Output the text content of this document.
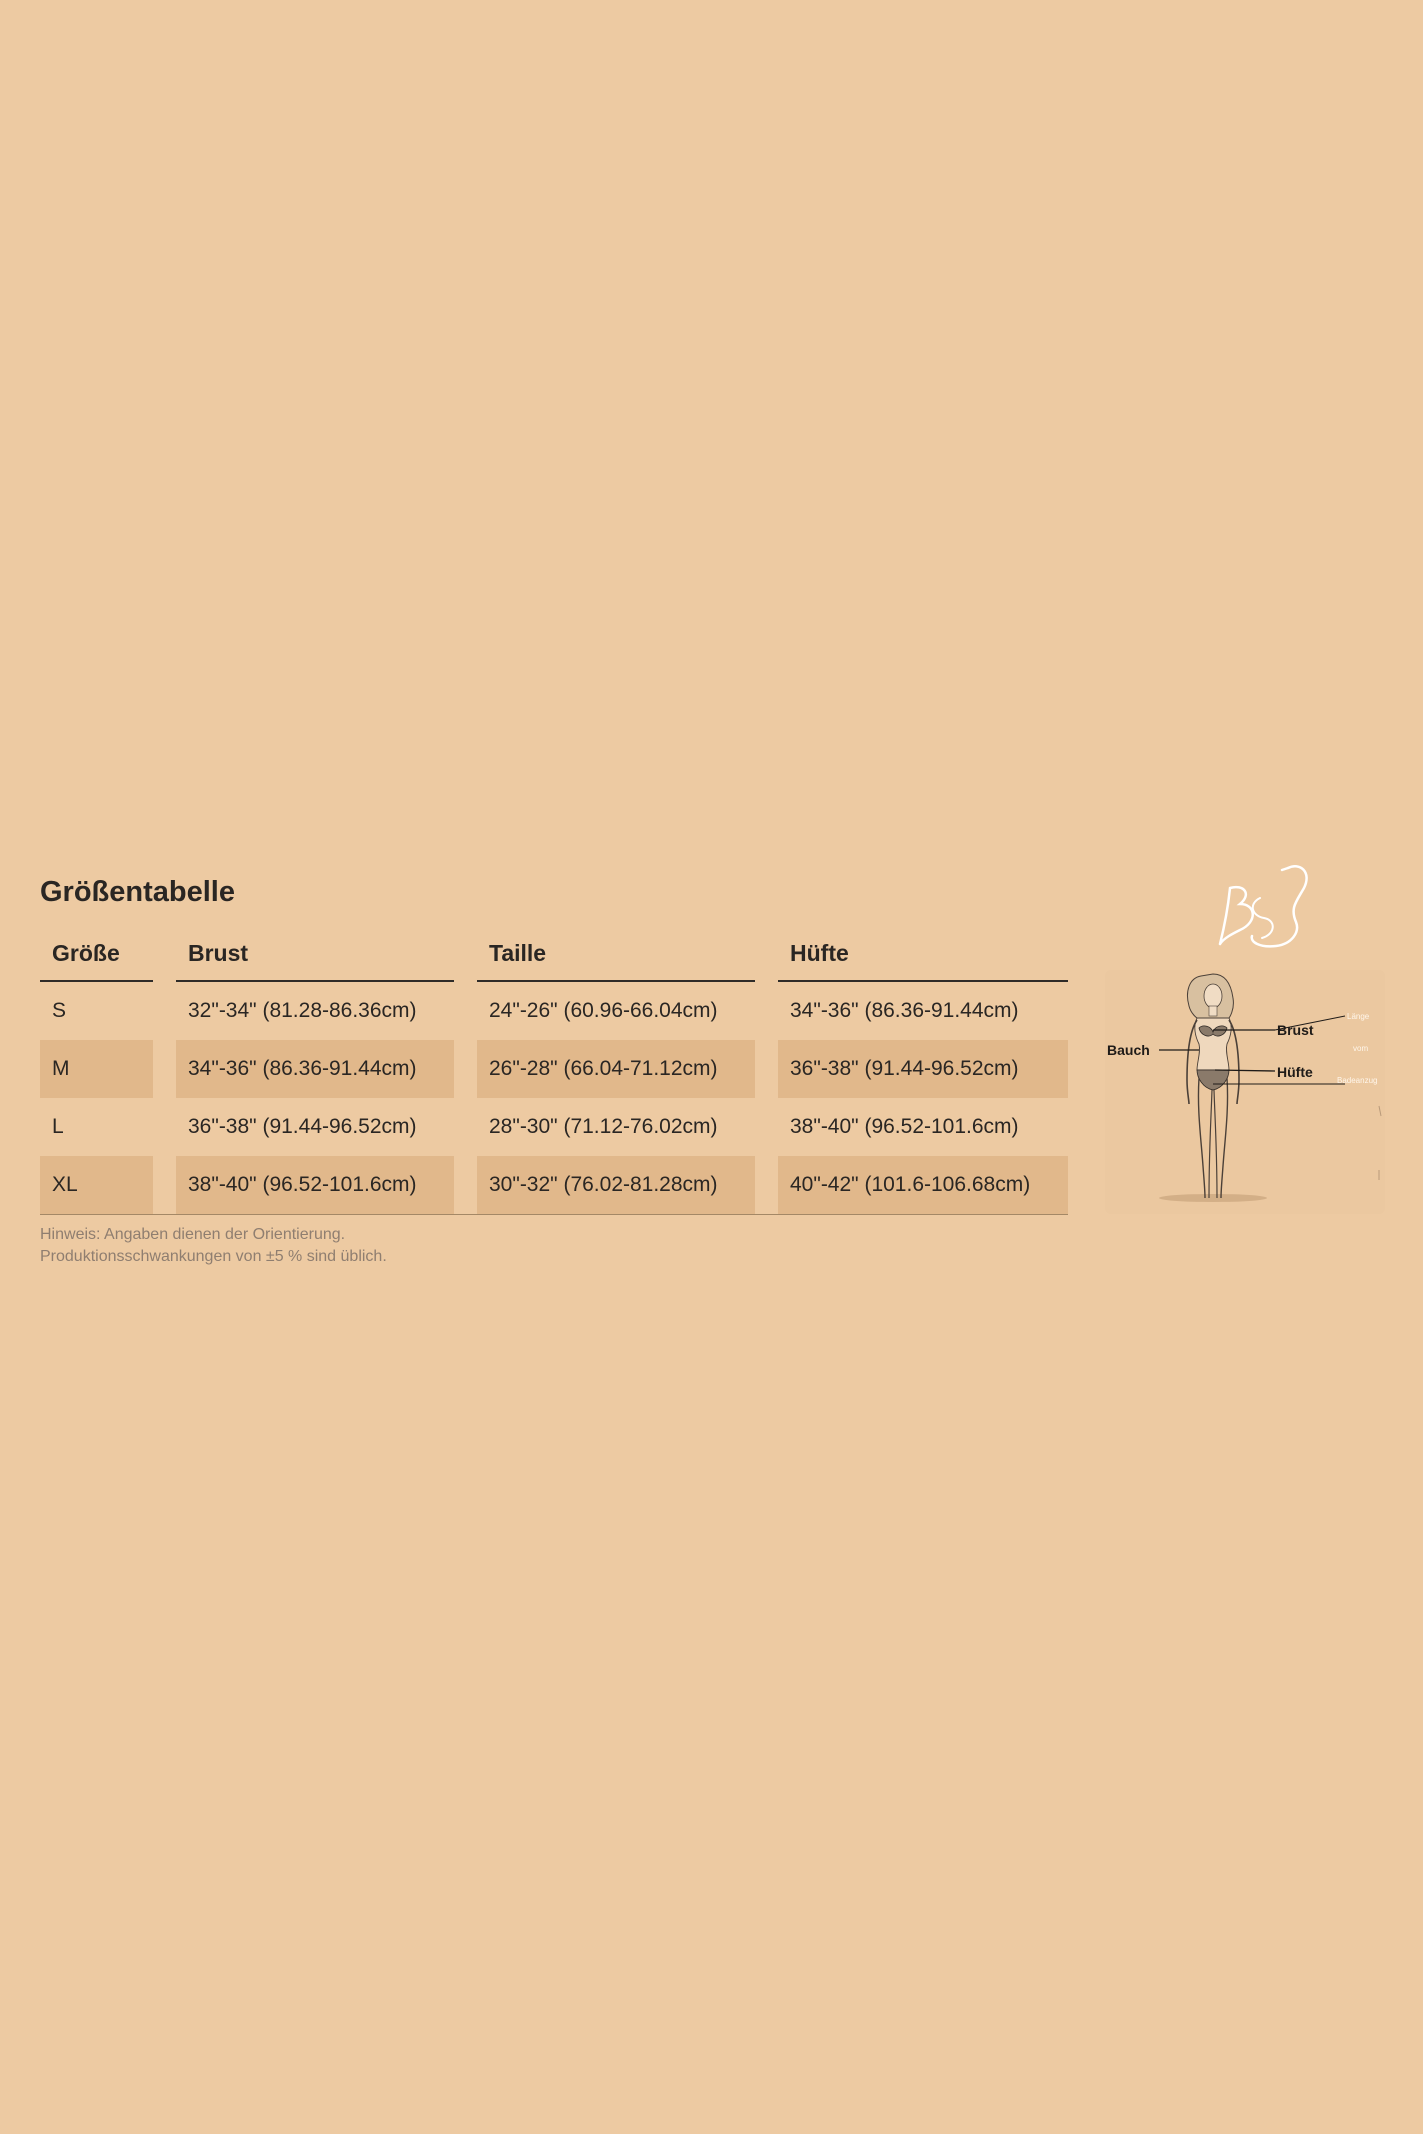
Größentabelle
Größe	Brust	Taille	Hüfte
S	32"-34" (81.28-86.36cm)	24"-26" (60.96-66.04cm)	34"-36" (86.36-91.44cm)
M	34"-36" (86.36-91.44cm)	26"-28" (66.04-71.12cm)	36"-38" (91.44-96.52cm)
L	36"-38" (91.44-96.52cm)	28"-30" (71.12-76.02cm)	38"-40" (96.52-101.6cm)
XL	38"-40" (96.52-101.6cm)	30"-32" (76.02-81.28cm)	40"-42" (101.6-106.68cm)
Hinweis: Angaben dienen der Orientierung.
Produktionsschwankungen von ±5 % sind üblich.
Brust
Bauch
Hüfte
Länge
vom
Badeanzug
